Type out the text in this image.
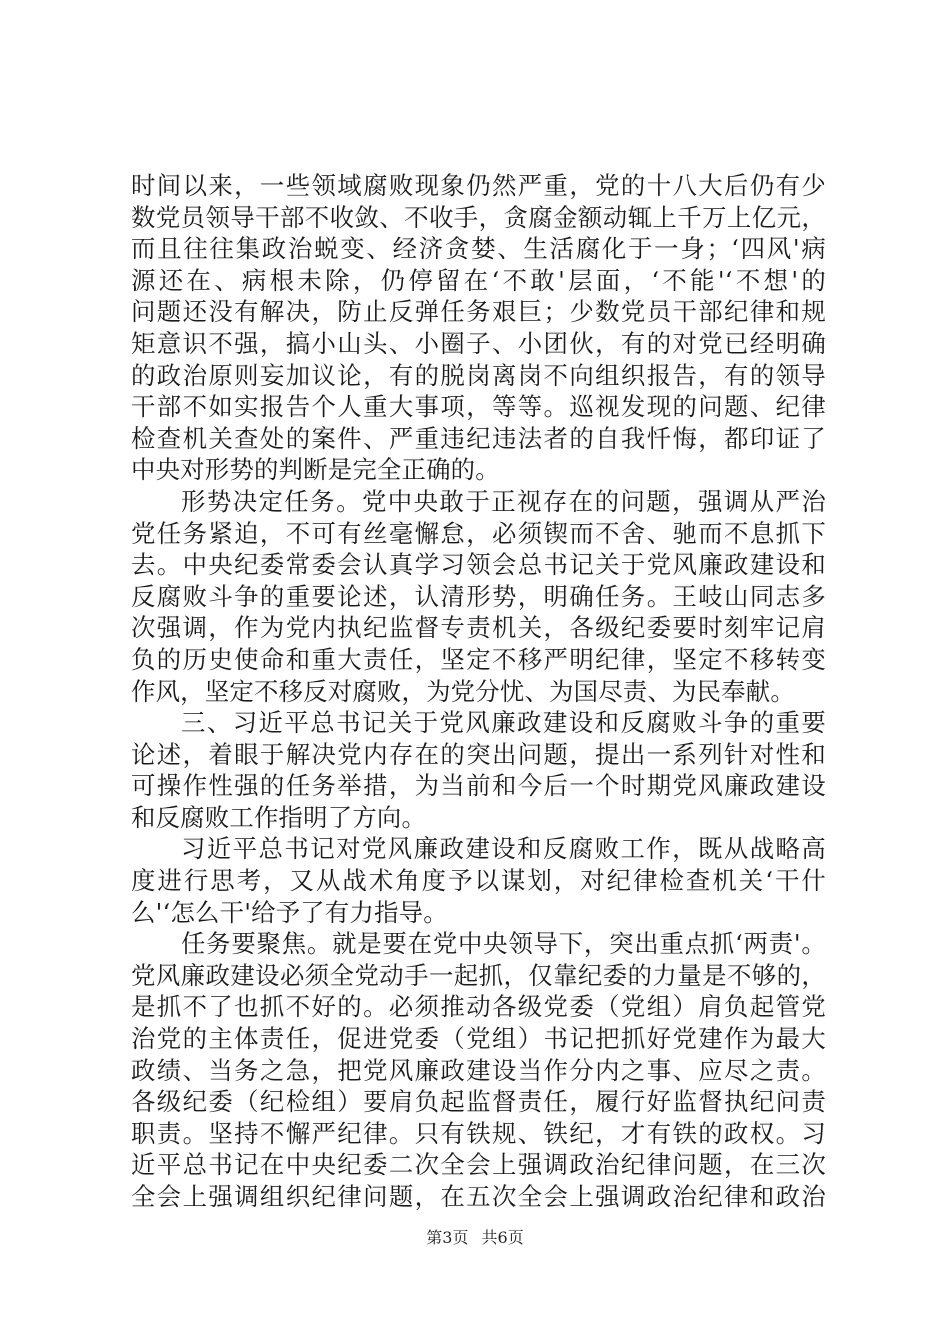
时间以来，一些领域腐败现象仍然严重，党的十八大后仍有少
数党员领导干部不收敛、不收手，贪腐金额动辄上千万上亿元，
而且往往集政治蜕变、经济贪婪、生活腐化于一身；‘四风'病
源还在、病根未除，仍停留在‘不敢'层面，‘不能'‘不想'的
问题还没有解决，防止反弹任务艰巨；少数党员干部纪律和规
矩意识不强，搞小山头、小圈子、小团伙，有的对党已经明确
的政治原则妄加议论，有的脱岗离岗不向组织报告，有的领导
干部不如实报告个人重大事项，等等。巡视发现的问题、纪律
检查机关查处的案件、严重违纪违法者的自我忏悔，都印证了
中央对形势的判断是完全正确的。
形势决定任务。党中央敢于正视存在的问题，强调从严治
党任务紧迫，不可有丝毫懈怠，必须锲而不舍、驰而不息抓下
去。中央纪委常委会认真学习领会总书记关于党风廉政建设和
反腐败斗争的重要论述，认清形势，明确任务。王岐山同志多
次强调，作为党内执纪监督专责机关，各级纪委要时刻牢记肩
负的历史使命和重大责任，坚定不移严明纪律，坚定不移转变
作风，坚定不移反对腐败，为党分忧、为国尽责、为民奉献。
三、习近平总书记关于党风廉政建设和反腐败斗争的重要
论述，着眼于解决党内存在的突出问题，提出一系列针对性和
可操作性强的任务举措，为当前和今后一个时期党风廉政建设
和反腐败工作指明了方向。
习近平总书记对党风廉政建设和反腐败工作，既从战略高
度进行思考，又从战术角度予以谋划，对纪律检查机关‘干什
么'‘怎么干'给予了有力指导。
任务要聚焦。就是要在党中央领导下，突出重点抓‘两责'。
党风廉政建设必须全党动手一起抓，仅靠纪委的力量是不够的，
是抓不了也抓不好的。必须推动各级党委（党组）肩负起管党
治党的主体责任，促进党委（党组）书记把抓好党建作为最大
政绩、当务之急，把党风廉政建设当作分内之事、应尽之责。
各级纪委（纪检组）要肩负起监督责任，履行好监督执纪问责
职责。坚持不懈严纪律。只有铁规、铁纪，才有铁的政权。习
近平总书记在中央纪委二次全会上强调政治纪律问题，在三次
全会上强调组织纪律问题，在五次全会上强调政治纪律和政治
第3页 共6页
